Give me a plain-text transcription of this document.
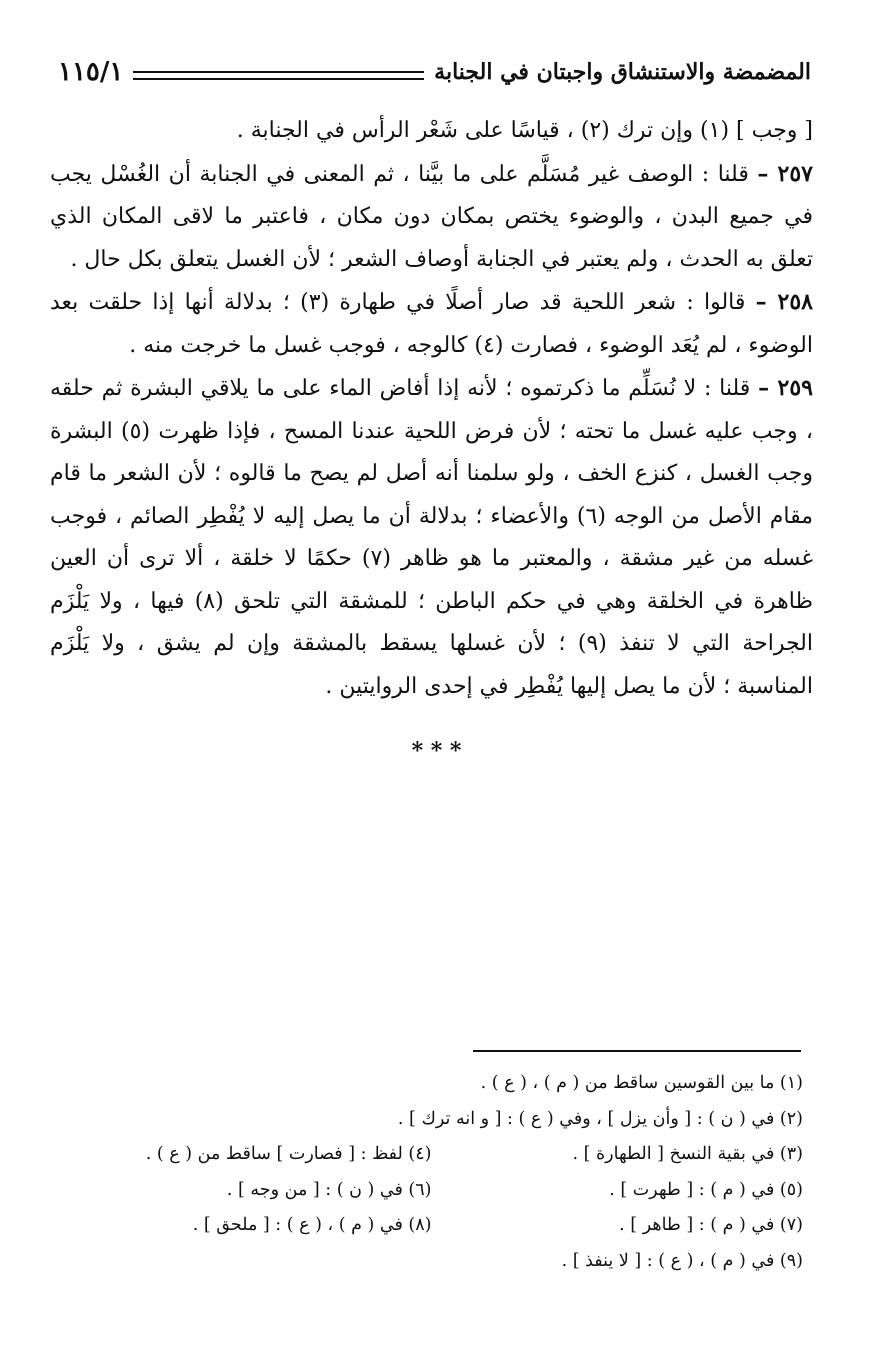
المضمضة والاستنشاق واجبتان في الجنابة
١١٥/١

[ وجب ] (١) وإن ترك (٢) ، قياسًا على شَعْر الرأس في الجنابة .

٢٥٧ – قلنا : الوصف غير مُسَلَّم على ما بيَّنا ، ثم المعنى في الجنابة أن الغُسْل يجب في جميع البدن ، والوضوء يختص بمكان دون مكان ، فاعتبر ما لاقى المكان الذي تعلق به الحدث ، ولم يعتبر في الجنابة أوصاف الشعر ؛ لأن الغسل يتعلق بكل حال .

٢٥٨ – قالوا : شعر اللحية قد صار أصلًا في طهارة (٣) ؛ بدلالة أنها إذا حلقت بعد الوضوء ، لم يُعَد الوضوء ، فصارت (٤) كالوجه ، فوجب غسل ما خرجت منه .

٢٥٩ – قلنا : لا نُسَلِّم ما ذكرتموه ؛ لأنه إذا أفاض الماء على ما يلاقي البشرة ثم حلقه ، وجب عليه غسل ما تحته ؛ لأن فرض اللحية عندنا المسح ، فإذا ظهرت (٥) البشرة وجب الغسل ، كنزع الخف ، ولو سلمنا أنه أصل لم يصح ما قالوه ؛ لأن الشعر ما قام مقام الأصل من الوجه (٦) والأعضاء ؛ بدلالة أن ما يصل إليه لا يُفْطِر الصائم ، فوجب غسله من غير مشقة ، والمعتبر ما هو ظاهر (٧) حكمًا لا خلقة ، ألا ترى أن العين ظاهرة في الخلقة وهي في حكم الباطن ؛ للمشقة التي تلحق (٨) فيها ، ولا يَلْزَم الجراحة التي لا تنفذ (٩) ؛ لأن غسلها يسقط بالمشقة وإن لم يشق ، ولا يَلْزَم المناسبة ؛ لأن ما يصل إليها يُفْطِر في إحدى الروايتين .

* * *
(١) ما بين القوسين ساقط من ( م ) ، ( ع ) .
(٢) في ( ن ) : [ وأن يزل ] ، وفي ( ع ) : [ و انه ترك ] .
(٣) في بقية النسخ [ الطهارة ] .
(٤) لفظ : [ فصارت ] ساقط من ( ع ) .
(٥) في ( م ) : [ طهرت ] .
(٦) في ( ن ) : [ من وجه ] .
(٧) في ( م ) : [ طاهر ] .
(٨) في ( م ) ، ( ع ) : [ ملحق ] .
(٩) في ( م ) ، ( ع ) : [ لا ينفذ ] .
